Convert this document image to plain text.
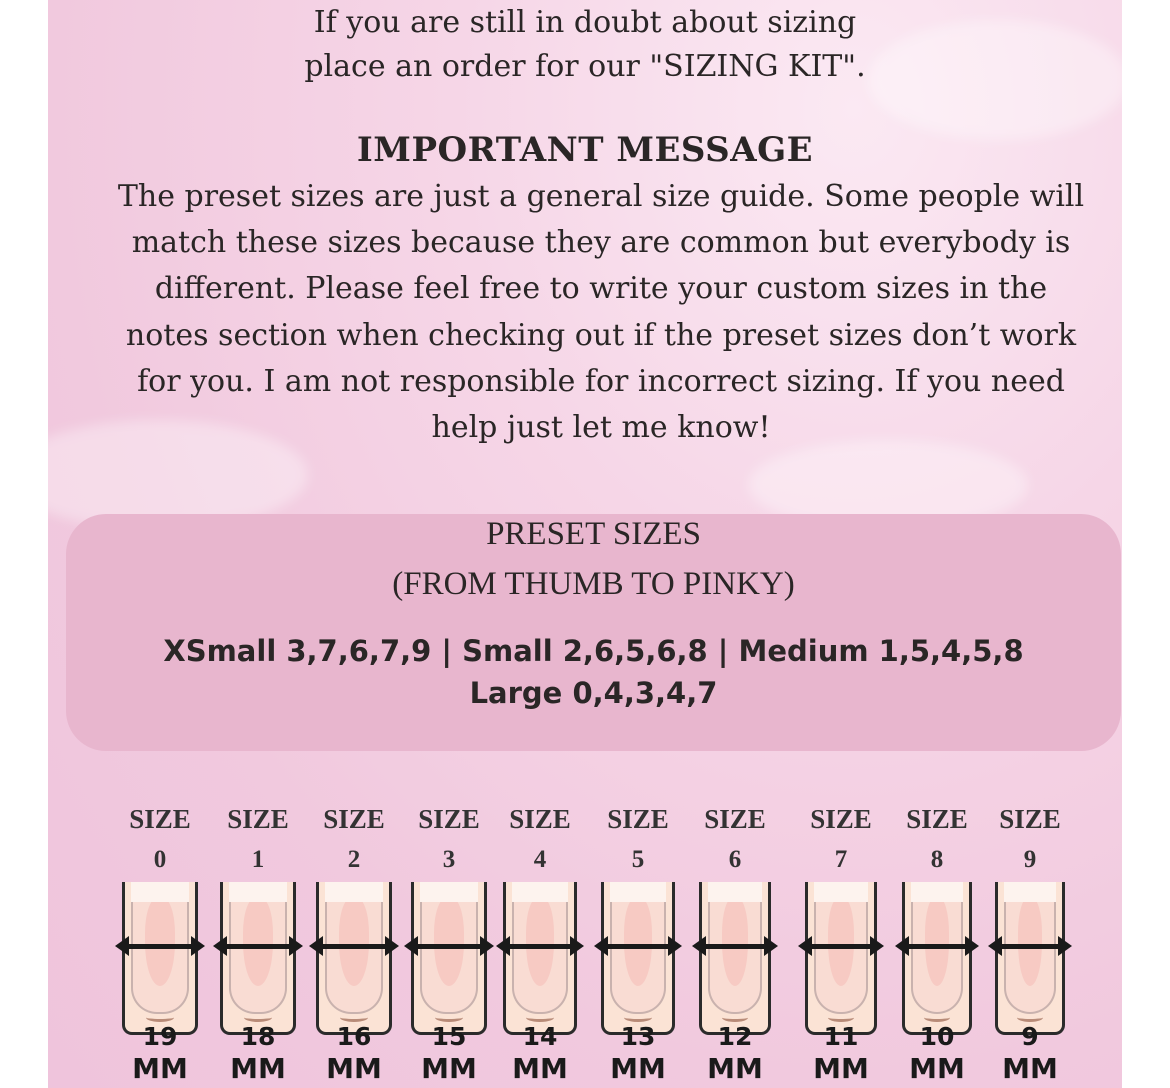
If you are still in doubt about sizing
place an order for our "SIZING KIT".
IMPORTANT MESSAGE
The preset sizes are just a general size guide. Some people will
match these sizes because they are common but everybody is
different. Please feel free to write your custom sizes in the
notes section when checking out if the preset sizes don’t work
for you. I am not responsible for incorrect sizing. If you need
help just let me know!
PRESET SIZES
(FROM THUMB TO PINKY)
XSmall 3,7,6,7,9 | Small 2,6,5,6,8 | Medium 1,5,4,5,8
Large 0,4,3,4,7
SIZE
0
19
MM
SIZE
1
18
MM
SIZE
2
16
MM
SIZE
3
15
MM
SIZE
4
14
MM
SIZE
5
13
MM
SIZE
6
12
MM
SIZE
7
11
MM
SIZE
8
10
MM
SIZE
9
9
MM
